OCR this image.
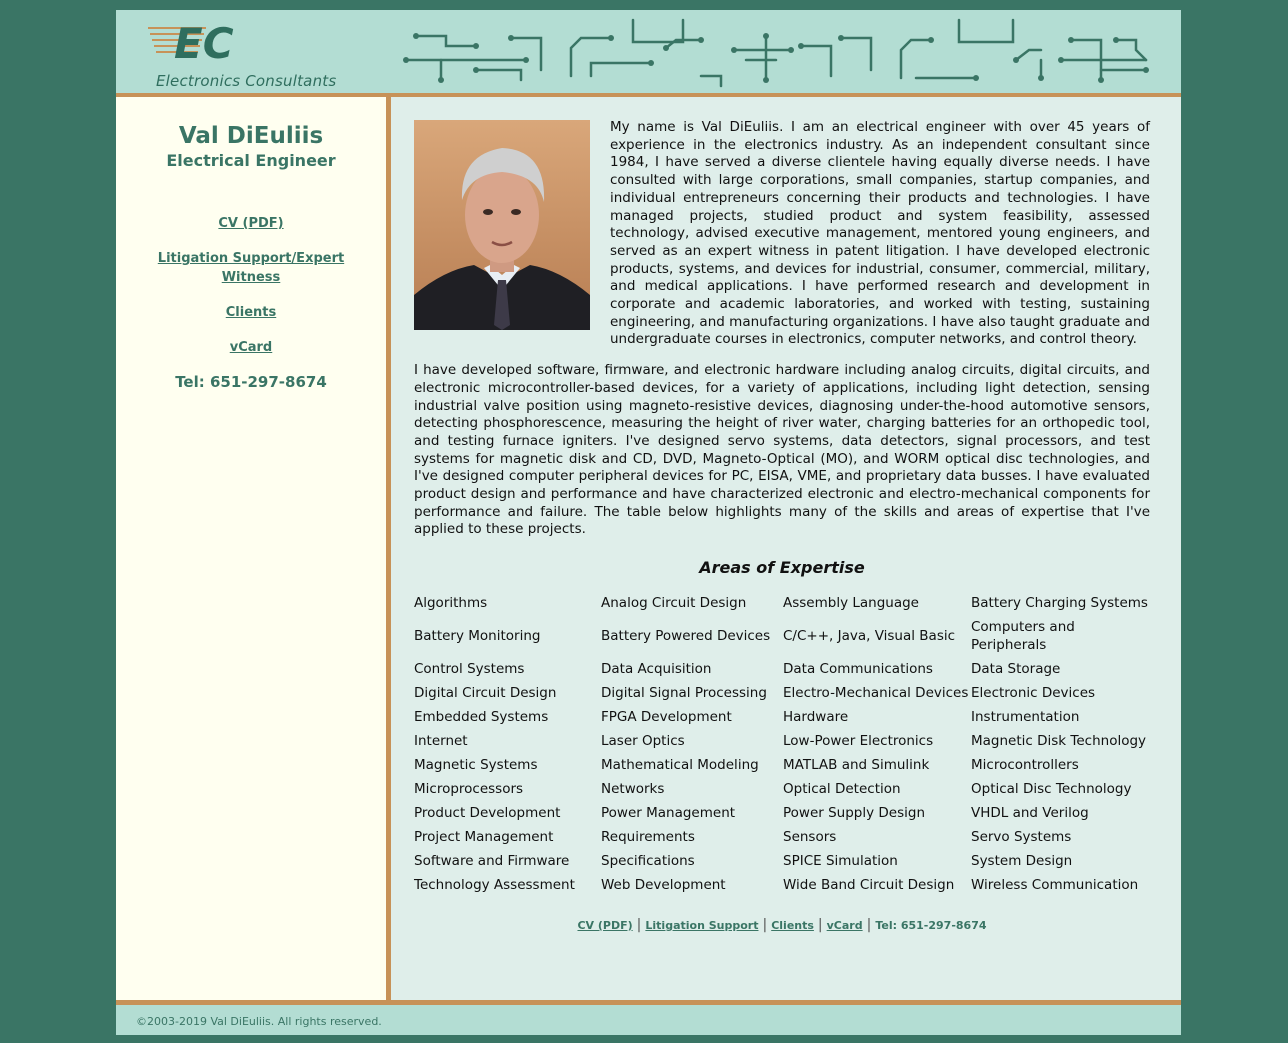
EC
Electronics Consultants
Val DiEuliis
Electrical Engineer
CV (PDF)
Litigation Support/Expert Witness
Clients
vCard
Tel: 651-297-8674

My name is Val DiEuliis. I am an electrical engineer with over 45 years of experience in the electronics industry. As an independent consultant since 1984, I have served a diverse clientele having equally diverse needs. I have consulted with large corporations, small companies, startup companies, and individual entrepreneurs concerning their products and technologies. I have managed projects, studied product and system feasibility, assessed technology, advised executive management, mentored young engineers, and served as an expert witness in patent litigation. I have developed electronic products, systems, and devices for industrial, consumer, commercial, military, and medical applications. I have performed research and development in corporate and academic laboratories, and worked with testing, sustaining engineering, and manufacturing organizations. I have also taught graduate and undergraduate courses in electronics, computer networks, and control theory.

I have developed software, firmware, and electronic hardware including analog circuits, digital circuits, and electronic microcontroller-based devices, for a variety of applications, including light detection, sensing industrial valve position using magneto-resistive devices, diagnosing under-the-hood automotive sensors, detecting phosphorescence, measuring the height of river water, charging batteries for an orthopedic tool, and testing furnace igniters. I've designed servo systems, data detectors, signal processors, and test systems for magnetic disk and CD, DVD, Magneto-Optical (MO), and WORM optical disc technologies, and I've designed computer peripheral devices for PC, EISA, VME, and proprietary data busses. I have evaluated product design and performance and have characterized electronic and electro-mechanical components for performance and failure. The table below highlights many of the skills and areas of expertise that I've applied to these projects.

Areas of Expertise
Algorithms	Analog Circuit Design	Assembly Language	Battery Charging Systems
Battery Monitoring	Battery Powered Devices	C/C++, Java, Visual Basic	Computers and Peripherals
Control Systems	Data Acquisition	Data Communications	Data Storage
Digital Circuit Design	Digital Signal Processing	Electro-Mechanical Devices	Electronic Devices
Embedded Systems	FPGA Development	Hardware	Instrumentation
Internet	Laser Optics	Low-Power Electronics	Magnetic Disk Technology
Magnetic Systems	Mathematical Modeling	MATLAB and Simulink	Microcontrollers
Microprocessors	Networks	Optical Detection	Optical Disc Technology
Product Development	Power Management	Power Supply Design	VHDL and Verilog
Project Management	Requirements	Sensors	Servo Systems
Software and Firmware	Specifications	SPICE Simulation	System Design
Technology Assessment	Web Development	Wide Band Circuit Design	Wireless Communication
CV (PDF) | Litigation Support | Clients | vCard | Tel: 651-297-8674
©2003-2019 Val DiEuliis. All rights reserved.
